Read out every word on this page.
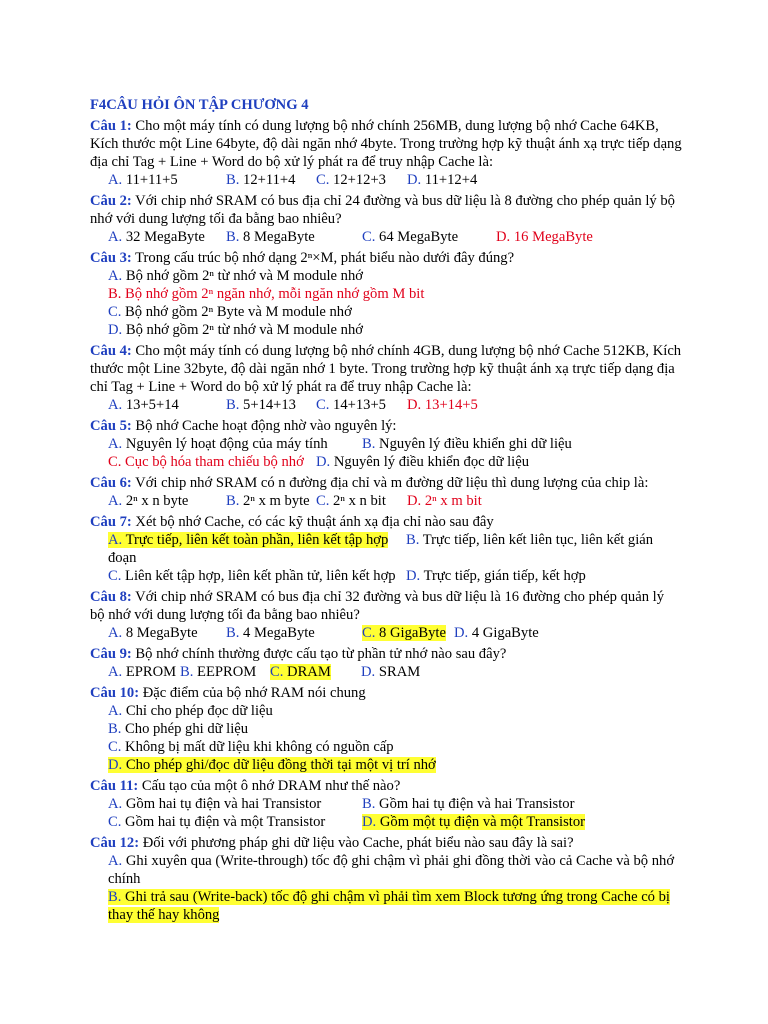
F4CÂU HỎI ÔN TẬP CHƯƠNG 4
Câu 1: Cho một máy tính có dung lượng bộ nhớ chính 256MB, dung lượng bộ nhớ Cache 64KB, Kích thước một Line 64byte, độ dài ngăn nhớ 4byte. Trong trường hợp kỹ thuật ánh xạ trực tiếp dạng địa chỉ Tag + Line + Word do bộ xử lý phát ra để truy nhập Cache là:
A. 11+11+5	B. 12+11+4 C. 12+12+3 D. 11+12+4
Câu 2: Với chip nhớ SRAM có bus địa chỉ 24 đường và bus dữ liệu là 8 đường cho phép quản lý bộ nhớ với dung lượng tối đa bằng bao nhiêu?
A. 32 MegaByte B. 8 MegaByte	C. 64 MegaByte	D. 16 MegaByte
Câu 3: Trong cấu trúc bộ nhớ dạng 2ⁿ×M, phát biểu nào dưới đây đúng?
A. Bộ nhớ gồm 2ⁿ từ nhớ và M module nhớ
B. Bộ nhớ gồm 2ⁿ ngăn nhớ, mỗi ngăn nhớ gồm M bit
C. Bộ nhớ gồm 2ⁿ Byte và M module nhớ
D. Bộ nhớ gồm 2ⁿ từ nhớ và M module nhớ
Câu 4: Cho một máy tính có dung lượng bộ nhớ chính 4GB, dung lượng bộ nhớ Cache 512KB, Kích thước một Line 32byte, độ dài ngăn nhớ 1 byte. Trong trường hợp kỹ thuật ánh xạ trực tiếp dạng địa chỉ Tag + Line + Word do bộ xử lý phát ra để truy nhập Cache là:
A. 13+5+14	B. 5+14+13 C. 14+13+5 D. 13+14+5
Câu 5: Bộ nhớ Cache hoạt động nhờ vào nguyên lý:
A. Nguyên lý hoạt động của máy tính B. Nguyên lý điều khiển ghi dữ liệu
C. Cục bộ hóa tham chiếu bộ nhớ D. Nguyên lý điều khiển đọc dữ liệu
Câu 6: Với chip nhớ SRAM có n đường địa chỉ và m đường dữ liệu thì dung lượng của chip là:
A. 2ⁿ x n byte	B. 2ⁿ x m byte C. 2ⁿ x n bit D. 2ⁿ x m bit
Câu 7: Xét bộ nhớ Cache, có các kỹ thuật ánh xạ địa chỉ nào sau đây
A. Trực tiếp, liên kết toàn phần, liên kết tập hợp B. Trực tiếp, liên kết liên tục, liên kết gián đoạn
C. Liên kết tập hợp, liên kết phần tử, liên kết hợp D. Trực tiếp, gián tiếp, kết hợp
Câu 8: Với chip nhớ SRAM có bus địa chỉ 32 đường và bus dữ liệu là 16 đường cho phép quản lý bộ nhớ với dung lượng tối đa bằng bao nhiêu?
A. 8 MegaByte B. 4 MegaByte	C. 8 GigaByte D. 4 GigaByte
Câu 9: Bộ nhớ chính thường được cấu tạo từ phần tử nhớ nào sau đây?
A. EPROM B. EEPROM C. DRAM D. SRAM
Câu 10: Đặc điểm của bộ nhớ RAM nói chung
A. Chỉ cho phép đọc dữ liệu
B. Cho phép ghi dữ liệu
C. Không bị mất dữ liệu khi không có nguồn cấp
D. Cho phép ghi/đọc dữ liệu đồng thời tại một vị trí nhớ
Câu 11: Cấu tạo của một ô nhớ DRAM như thế nào?
A. Gồm hai tụ điện và hai Transistor	B. Gồm hai tụ điện và hai Transistor
C. Gồm hai tụ điện và một Transistor	D. Gồm một tụ điện và một Transistor
Câu 12: Đối với phương pháp ghi dữ liệu vào Cache, phát biểu nào sau đây là sai?
A. Ghi xuyên qua (Write-through) tốc độ ghi chậm vì phải ghi đồng thời vào cả Cache và bộ nhớ chính
B. Ghi trả sau (Write-back) tốc độ ghi chậm vì phải tìm xem Block tương ứng trong Cache có bị thay thế hay không
